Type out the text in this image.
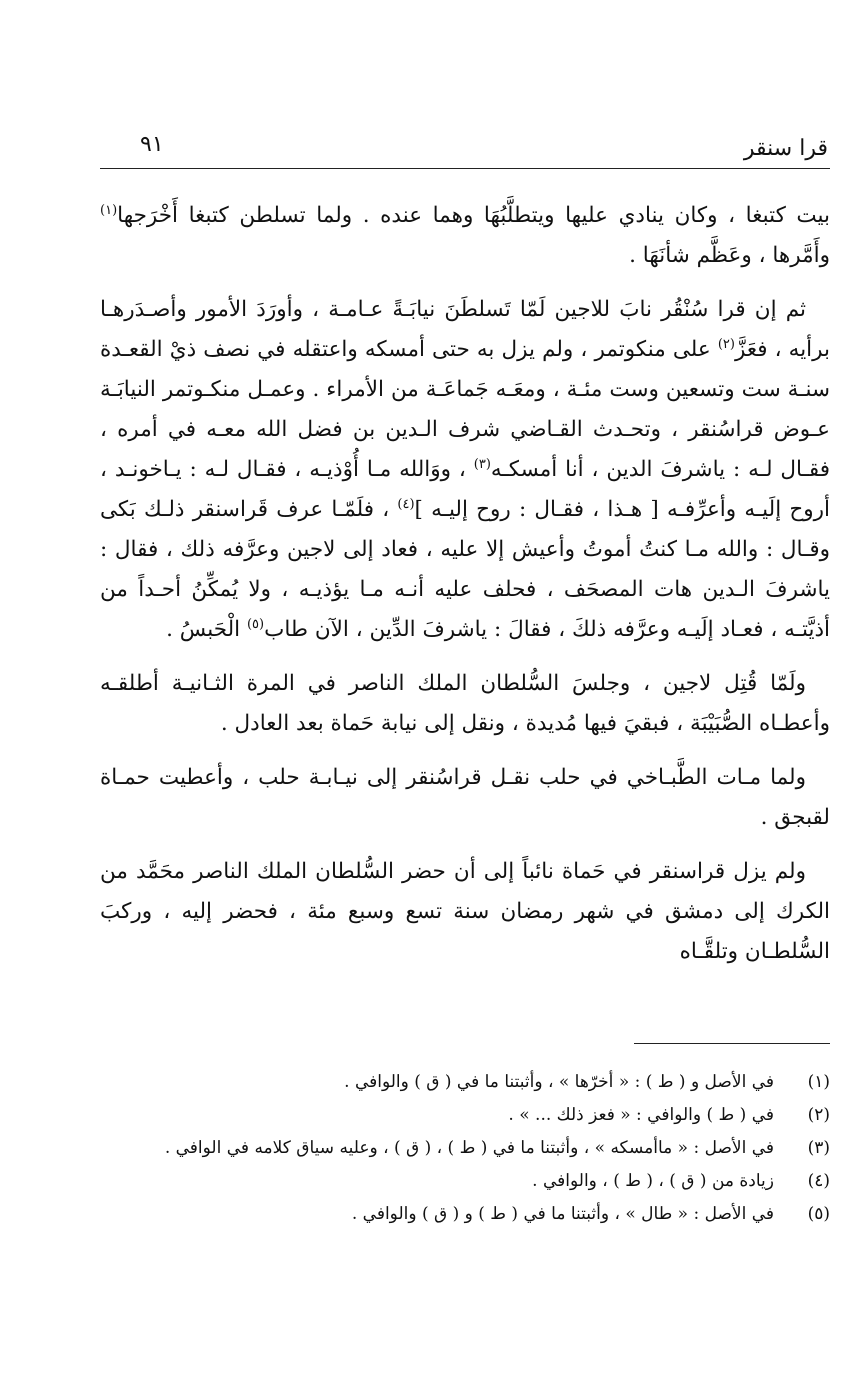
قرا سنقر
٩١

بيت كتبغا ، وكان ينادي عليها ويتطلَّبُهَا وهما عنده . ولما تسلطن كتبغا أَخْرَجها$^{(١)}$ وأَمَّرها ، وعَظَّم شأنَهَا .

ثم إن قرا سُنْقُر نابَ للاجين لَمّا تَسلطَنَ نيابَـةً عـامـة ، وأورَدَ الأمور وأصـدَرهـا برأيه ، فعَزَّ$^{(٢)}$ على منكوتمر ، ولم يزل به حتى أمسكه واعتقله في نصف ذيْ القعـدة سنـة ست وتسعين وست مئـة ، ومعَـه جَماعَـة من الأمراء . وعمـل منكـوتمر النيابَـة عـوض قراسُنقر ، وتحـدث القـاضي شرف الـدين بن فضل الله معـه في أمره ، فقـال لـه : ياشرفَ الدين ، أنا أمسكـه$^{(٣)}$ ، ووَالله مـا أُوْذيـه ، فقـال لـه : يـاخونـد ، أروح إلَيـه وأعرِّفـه [ هـذا ، فقـال : روح إليـه ]$^{(٤)}$ ، فلَمّـا عرف قَراسنقر ذلـك بَكى وقـال : والله مـا كنتُ أموتُ وأعيش إلا عليه ، فعاد إلى لاجين وعرَّفه ذلك ، فقال : ياشرفَ الـدين هات المصحَف ، فحلف عليه أنـه مـا يؤذيـه ، ولا يُمكِّنُ أحـداً من أذيَّتـه ، فعـاد إلَيـه وعرَّفه ذلكَ ، فقالَ : ياشرفَ الدِّين ، الآن طاب$^{(٥)}$ الْحَبسُ .

ولَمّا قُتِل لاجين ، وجلسَ السُّلطان الملك الناصر في المرة الثـانيـة أطلقـه وأعطـاه الصُّبَيْبَة ، فبقيَ فيها مُديدة ، ونقل إلى نيابة حَماة بعد العادل .

ولما مـات الطَّبـاخي في حلب نقـل قراسُنقر إلى نيـابـة حلب ، وأعطيت حمـاة لقبجق .

ولم يزل قراسنقر في حَماة نائباً إلى أن حضر السُّلطان الملك الناصر محَمَّد من الكرك إلى دمشق في شهر رمضان سنة تسع وسبع مئة ، فحضر إليه ، وركبَ السُّلطـان وتلقَّـاه

(١)
في الأصل و ( ط ) : « أخرّها » ، وأثبتنا ما في ( ق ) والوافي .
(٢)
في ( ط ) والوافي : « فعز ذلك ... » .
(٣)
في الأصل : « ماأمسكه » ، وأثبتنا ما في ( ط ) ، ( ق ) ، وعليه سياق كلامه في الوافي .
(٤)
زيادة من ( ق ) ، ( ط ) ، والوافي .
(٥)
في الأصل : « طال » ، وأثبتنا ما في ( ط ) و ( ق ) والوافي .
